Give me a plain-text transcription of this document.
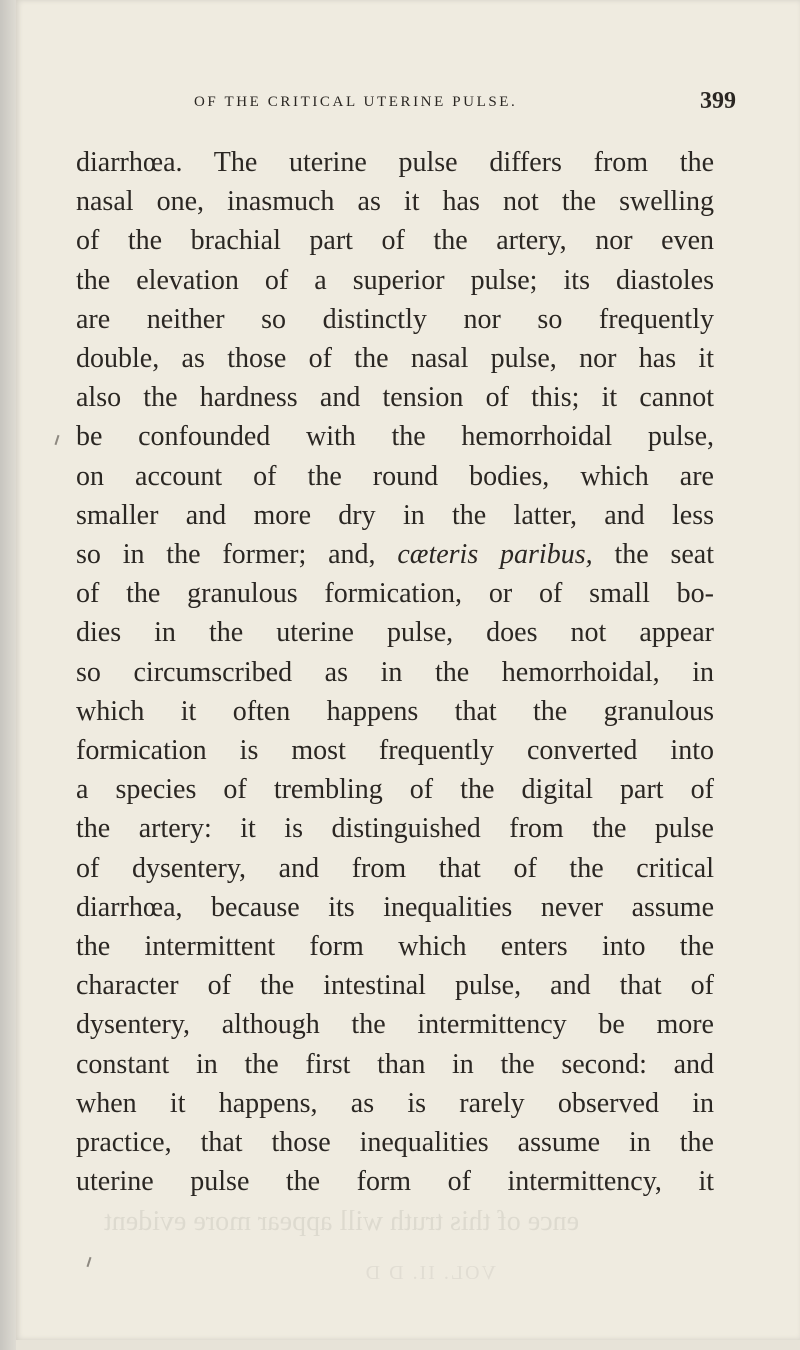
OF THE CRITICAL UTERINE PULSE.	399
diarrhœa. The uterine pulse differs from the
nasal one, inasmuch as it has not the swelling
of the brachial part of the artery, nor even
the elevation of a superior pulse; its diastoles
are neither so distinctly nor so frequently
double, as those of the nasal pulse, nor has it
also the hardness and tension of this; it cannot
be confounded with the hemorrhoidal pulse,
on account of the round bodies, which are
smaller and more dry in the latter, and less
so in the former; and, cæteris paribus, the seat
of the granulous formication, or of small bo-
dies in the uterine pulse, does not appear
so circumscribed as in the hemorrhoidal, in
which it often happens that the granulous
formication is most frequently converted into
a species of trembling of the digital part of
the artery: it is distinguished from the pulse
of dysentery, and from that of the critical
diarrhœa, because its inequalities never assume
the intermittent form which enters into the
character of the intestinal pulse, and that of
dysentery, although the intermittency be more
constant in the first than in the second: and
when it happens, as is rarely observed in
practice, that those inequalities assume in the
uterine pulse the form of intermittency, it
ence of this truth will appear more evident
VOL. II. D D
